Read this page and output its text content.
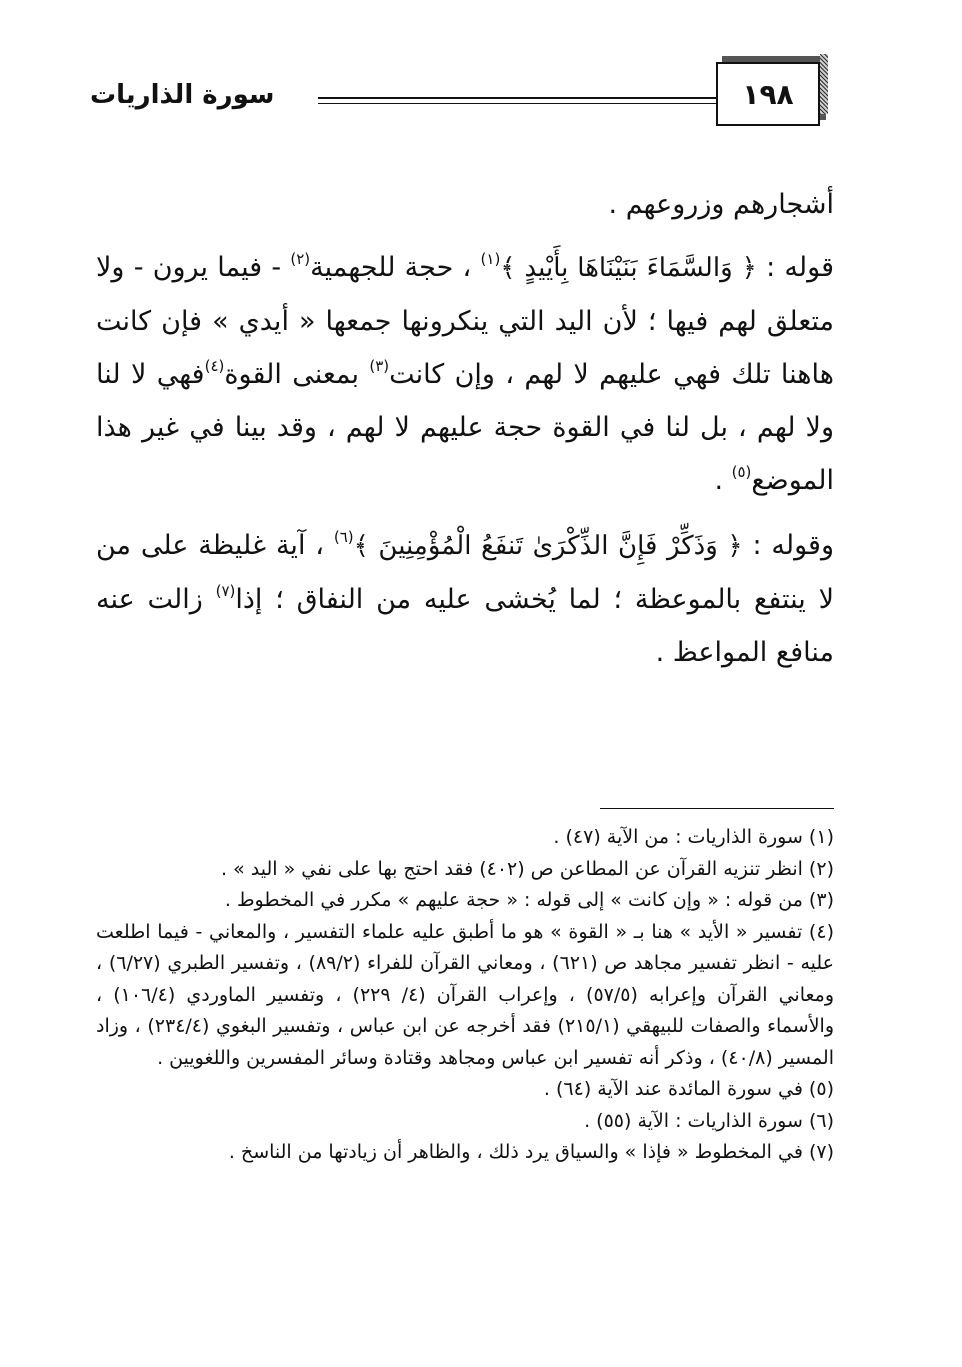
١٩٨
سورة الذاريات

أشجارهم وزروعهم .

قوله : ﴿ وَالسَّمَاءَ بَنَيْنَاهَا بِأَيْيدٍ ﴾$^{(١)}$ ، حجة للجهمية$^{(٢)}$ - فيما يرون - ولا متعلق لهم فيها ؛ لأن اليد التي ينكرونها جمعها « أيدي » فإن كانت هاهنا تلك فهي عليهم لا لهم ، وإن كانت$^{(٣)}$ بمعنى القوة$^{(٤)}$فهي لا لنا ولا لهم ، بل لنا في القوة حجة عليهم لا لهم ، وقد بينا في غير هذا الموضع$^{(٥)}$ .

وقوله : ﴿ وَذَكِّرْ فَإِنَّ الذِّكْرَىٰ تَنفَعُ الْمُؤْمِنِينَ ﴾$^{(٦)}$ ، آية غليظة على من لا ينتفع بالموعظة ؛ لما يُخشى عليه من النفاق ؛ إذا$^{(٧)}$ زالت عنه منافع المواعظ .

(١) سورة الذاريات : من الآية (٤٧) .

(٢) انظر تنزيه القرآن عن المطاعن ص (٤٠٢) فقد احتج بها على نفي « اليد » .

(٣) من قوله : « وإن كانت » إلى قوله : « حجة عليهم » مكرر في المخطوط .

(٤) تفسير « الأيد » هنا بـ « القوة » هو ما أطبق عليه علماء التفسير ، والمعاني - فيما اطلعت عليه - انظر تفسير مجاهد ص (٦٢١) ، ومعاني القرآن للفراء (٨٩/٢) ، وتفسير الطبري (٦/٢٧) ، ومعاني القرآن وإعرابه (٥٧/٥) ، وإعراب القرآن (٤/ ٢٢٩) ، وتفسير الماوردي (١٠٦/٤) ، والأسماء والصفات للبيهقي (٢١٥/١) فقد أخرجه عن ابن عباس ، وتفسير البغوي (٢٣٤/٤) ، وزاد المسير (٤٠/٨) ، وذكر أنه تفسير ابن عباس ومجاهد وقتادة وسائر المفسرين واللغويين .

(٥) في سورة المائدة عند الآية (٦٤) .

(٦) سورة الذاريات : الآية (٥٥) .

(٧) في المخطوط « فإذا » والسياق يرد ذلك ، والظاهر أن زيادتها من الناسخ .
